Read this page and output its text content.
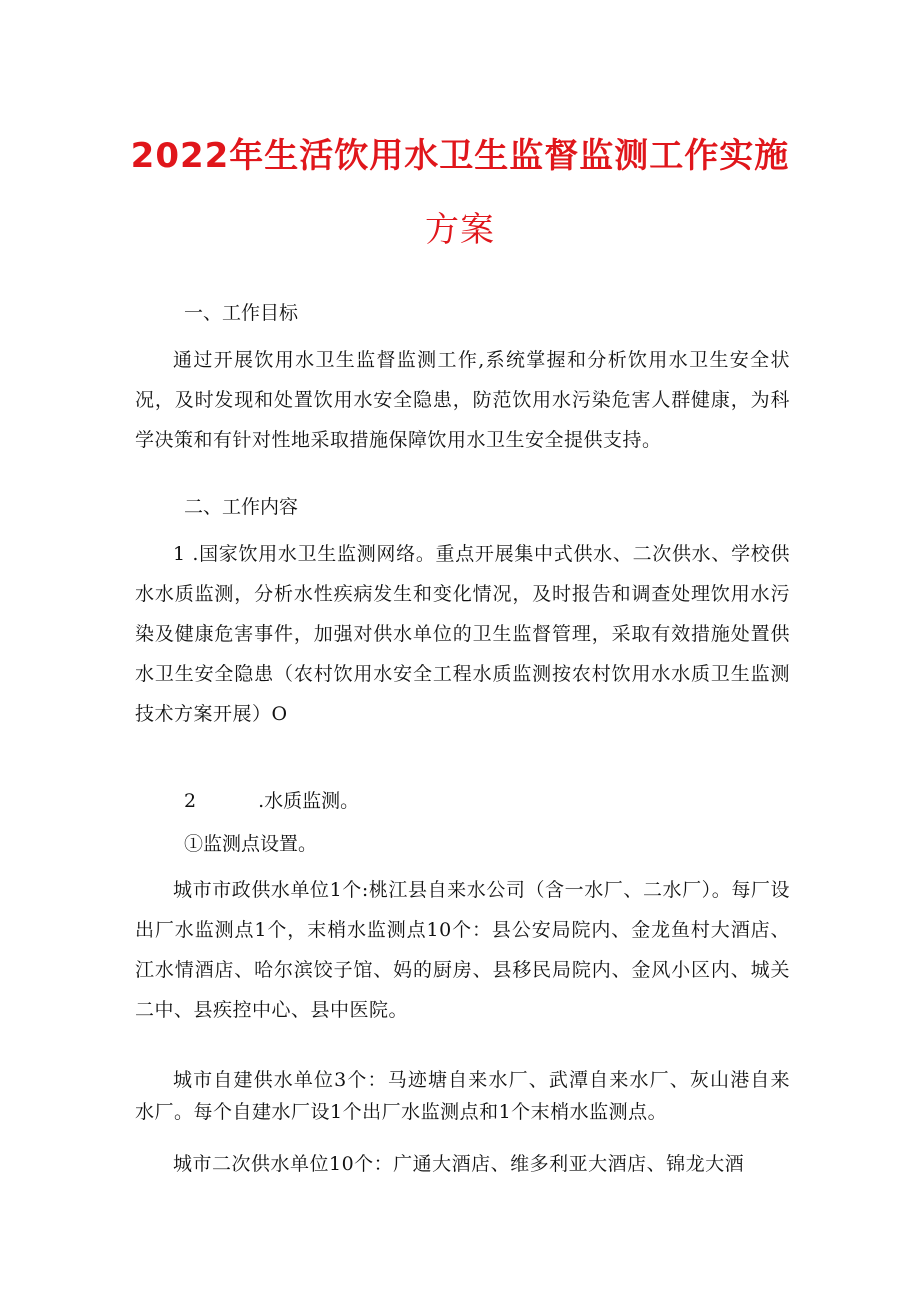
2022年生活饮用水卫生监督监测工作实施
方案
一、工作目标
通过开展饮用水卫生监督监测工作,系统掌握和分析饮用水卫生安全状况，及时发现和处置饮用水安全隐患，防范饮用水污染危害人群健康，为科学决策和有针对性地采取措施保障饮用水卫生安全提供支持。
二、工作内容
1 .国家饮用水卫生监测网络。重点开展集中式供水、二次供水、学校供水水质监测，分析水性疾病发生和变化情况，及时报告和调查处理饮用水污染及健康危害事件，加强对供水单位的卫生监督管理，采取有效措施处置供水卫生安全隐患（农村饮用水安全工程水质监测按农村饮用水水质卫生监测技术方案开展）O
2	.水质监测。
①监测点设置。
城市市政供水单位1个:桃江县自来水公司（含一水厂、二水厂）。每厂设出厂水监测点1个，末梢水监测点10个：县公安局院内、金龙鱼村大酒店、江水情酒店、哈尔滨饺子馆、妈的厨房、县移民局院内、金风小区内、城关二中、县疾控中心、县中医院。
城市自建供水单位3个：马迹塘自来水厂、武潭自来水厂、灰山港自来水厂。每个自建水厂设1个出厂水监测点和1个末梢水监测点。
城市二次供水单位10个：广通大酒店、维多利亚大酒店、锦龙大酒
